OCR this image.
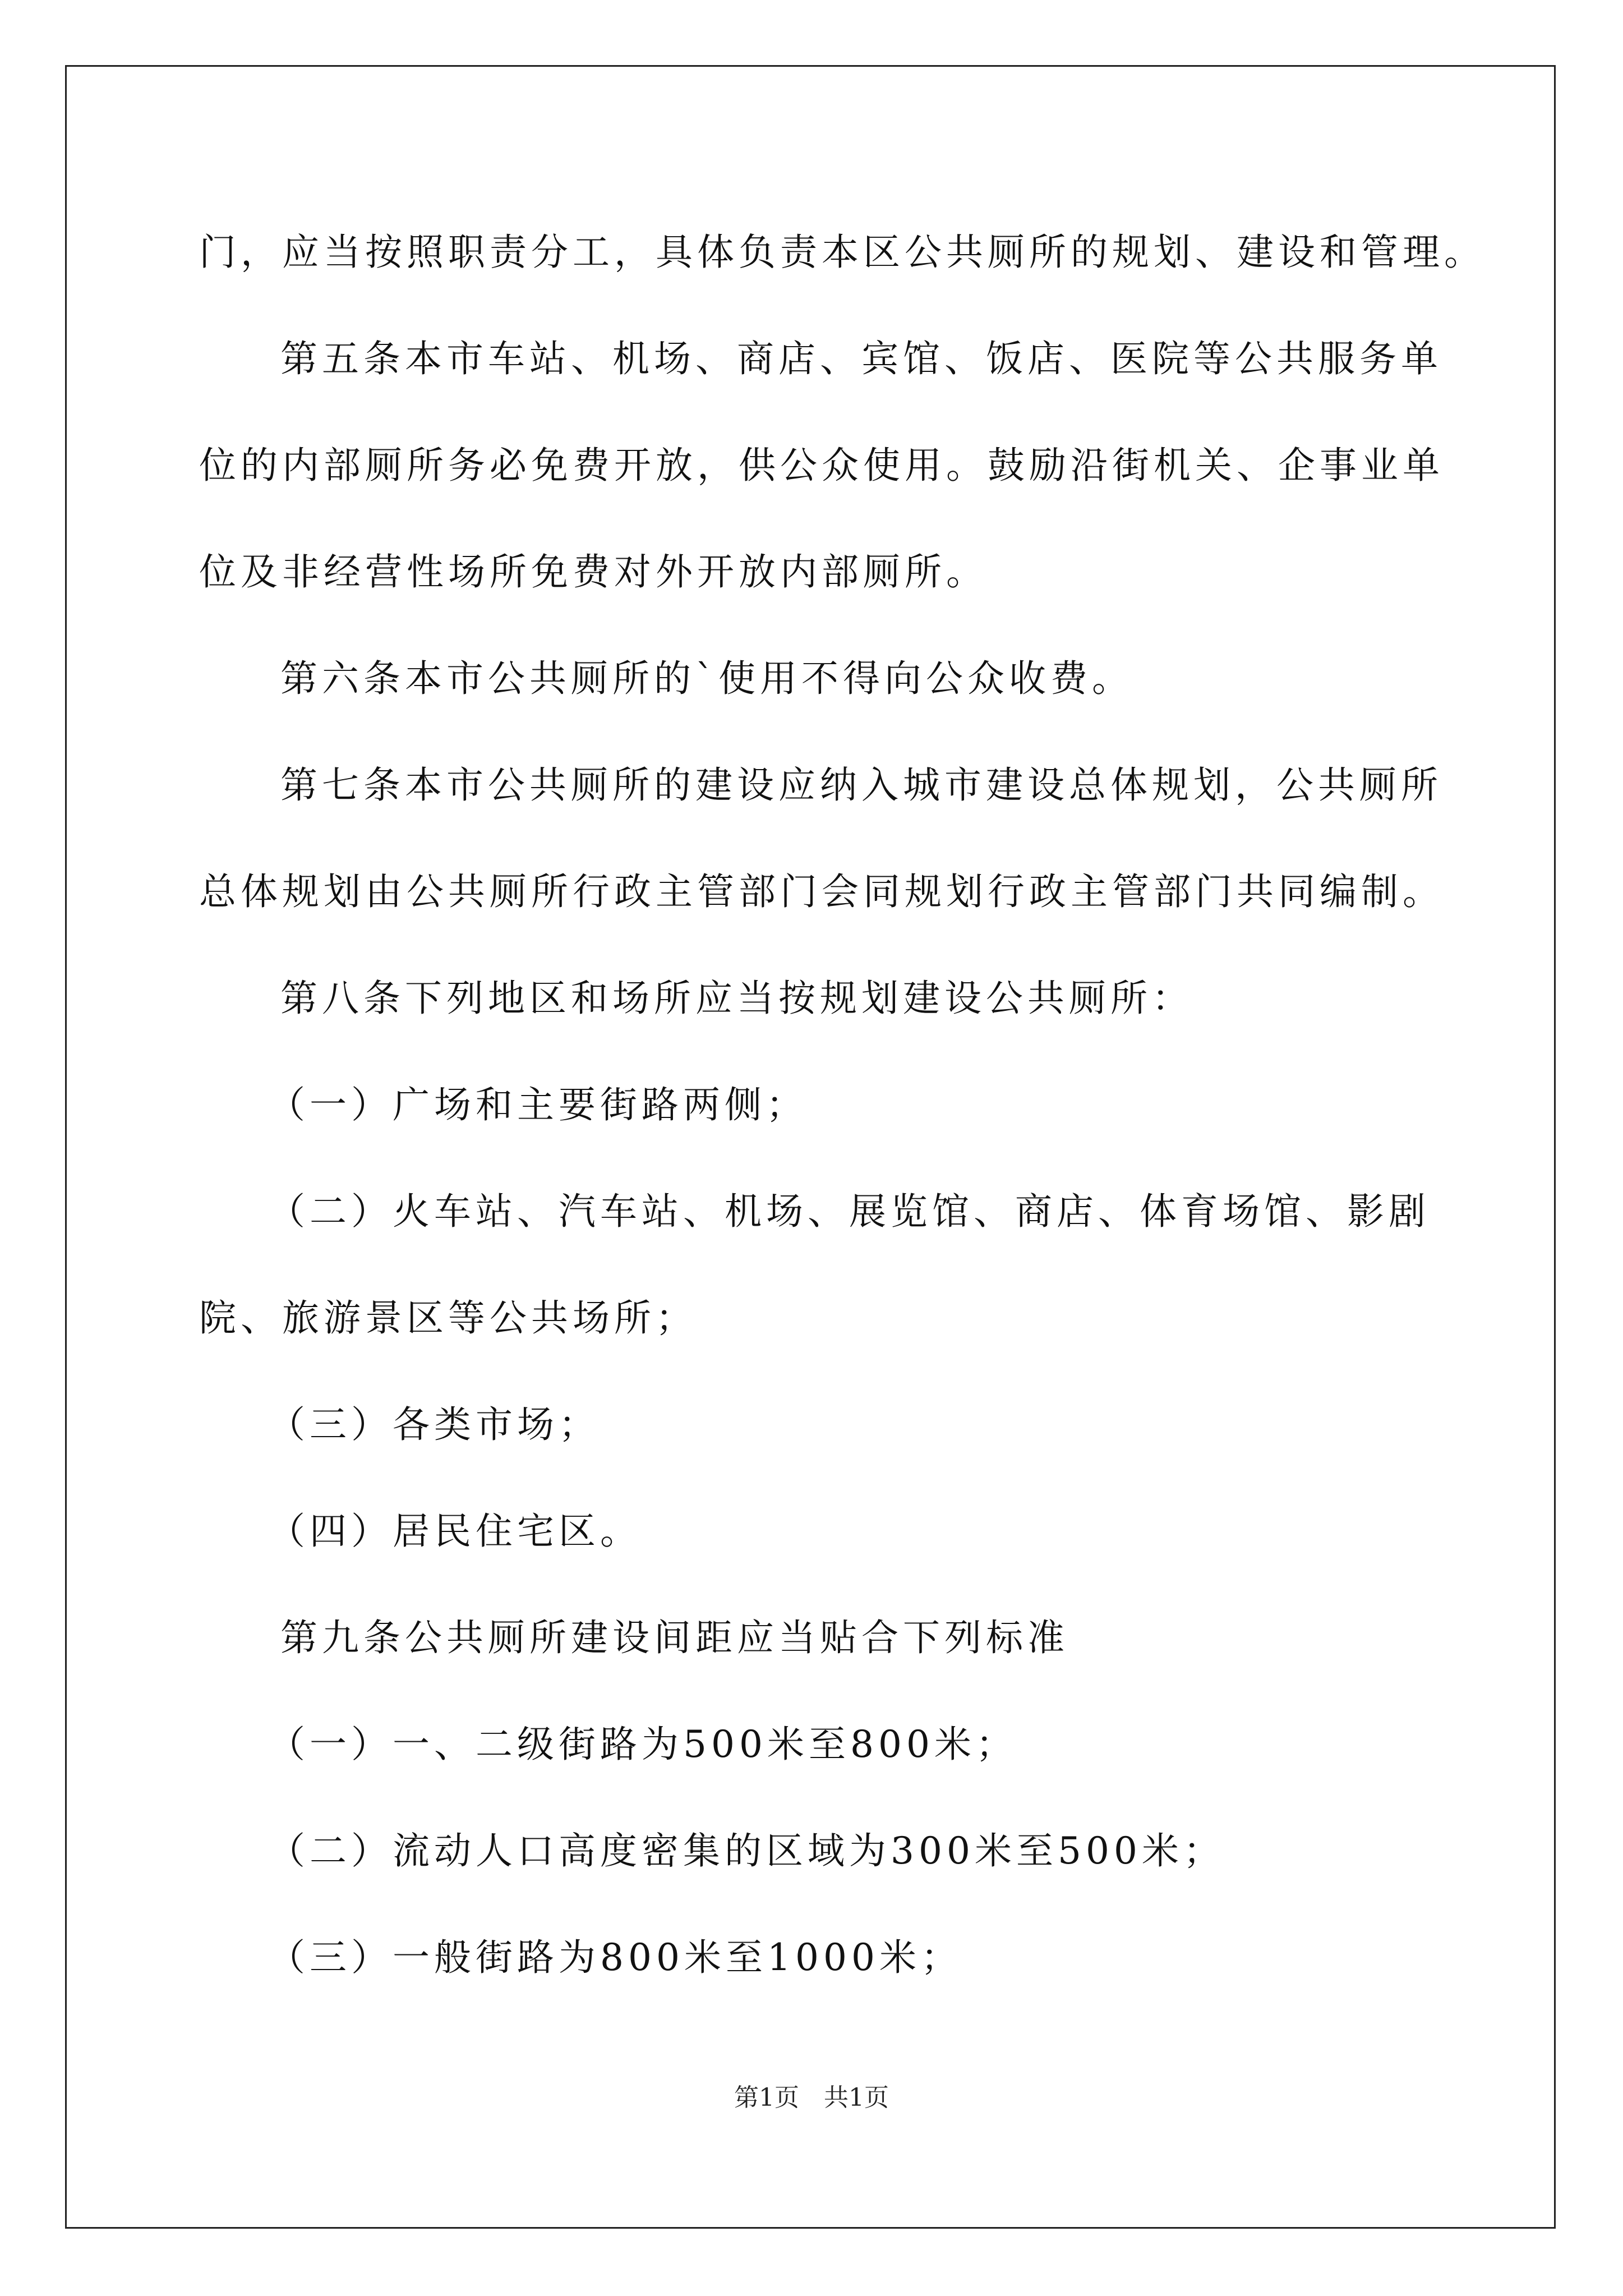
门，应当按照职责分工，具体负责本区公共厕所的规划、建设和管理。
第五条本市车站、机场、商店、宾馆、饭店、医院等公共服务单
位的内部厕所务必免费开放，供公众使用。鼓励沿街机关、企事业单
位及非经营性场所免费对外开放内部厕所。
第六条本市公共厕所的`使用不得向公众收费。
第七条本市公共厕所的建设应纳入城市建设总体规划，公共厕所
总体规划由公共厕所行政主管部门会同规划行政主管部门共同编制。
第八条下列地区和场所应当按规划建设公共厕所：
（一）广场和主要街路两侧；
（二）火车站、汽车站、机场、展览馆、商店、体育场馆、影剧
院、旅游景区等公共场所；
（三）各类市场；
（四）居民住宅区。
第九条公共厕所建设间距应当贴合下列标准
（一）一、二级街路为500米至800米；
（二）流动人口高度密集的区域为300米至500米；
（三）一般街路为800米至1000米；
第1页　共1页
